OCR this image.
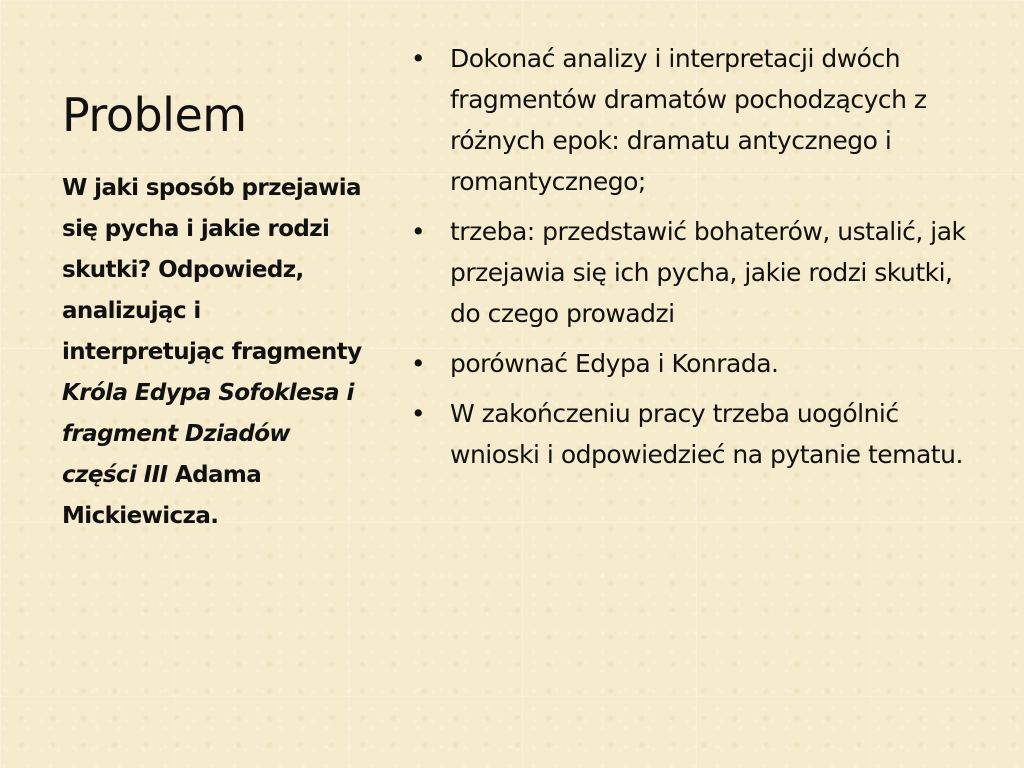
Problem

W jaki sposób przejawia się pycha i jakie rodzi skutki? Odpowiedz, analizując i interpretując fragmenty Króla Edypa Sofoklesa i fragment Dziadów części III Adama Mickiewicza.

• Dokonać analizy i interpretacji dwóch fragmentów dramatów pochodzących z różnych epok: dramatu antycznego i romantycznego;
• trzeba: przedstawić bohaterów, ustalić, jak przejawia się ich pycha, jakie rodzi skutki, do czego prowadzi
• porównać Edypa i Konrada.
• W zakończeniu pracy trzeba uogólnić wnioski i odpowiedzieć na pytanie tematu.
